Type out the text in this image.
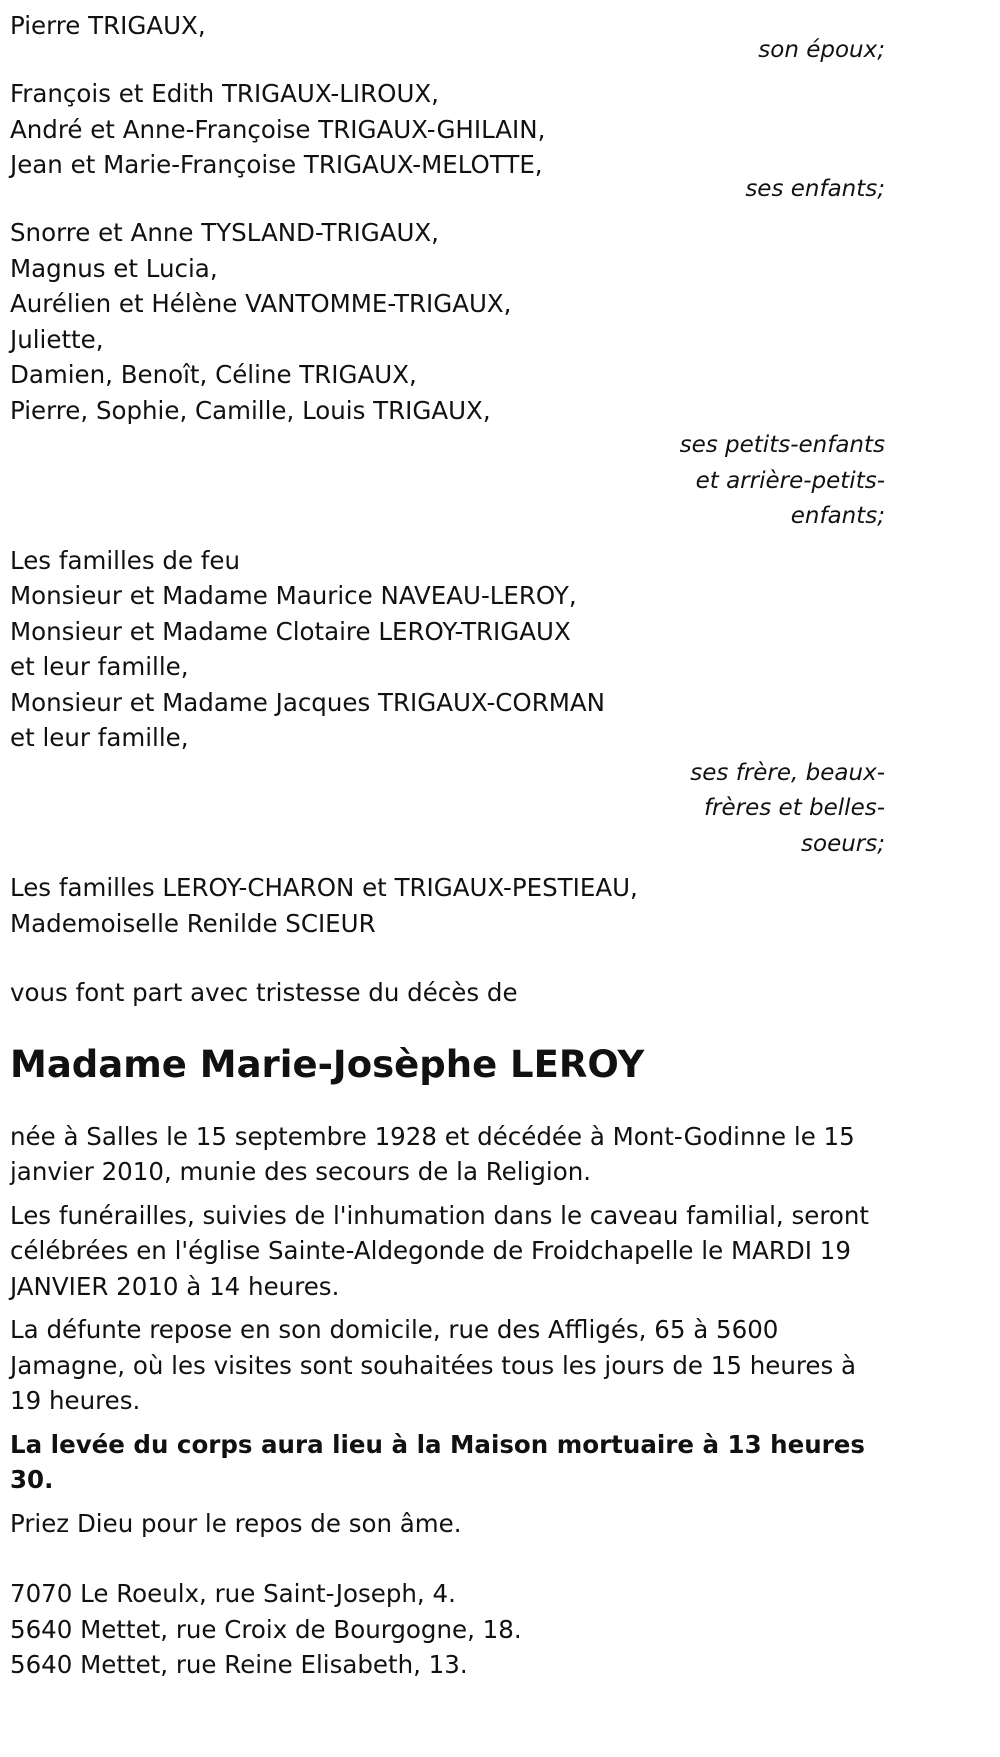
Pierre TRIGAUX,
son époux;
François et Edith TRIGAUX-LIROUX,
André et Anne-Françoise TRIGAUX-GHILAIN,
Jean et Marie-Françoise TRIGAUX-MELOTTE,
ses enfants;
Snorre et Anne TYSLAND-TRIGAUX,
Magnus et Lucia,
Aurélien et Hélène VANTOMME-TRIGAUX,
Juliette,
Damien, Benoît, Céline TRIGAUX,
Pierre, Sophie, Camille, Louis TRIGAUX,
ses petits-enfants
et arrière-petits-
enfants;
Les familles de feu
Monsieur et Madame Maurice NAVEAU-LEROY,
Monsieur et Madame Clotaire LEROY-TRIGAUX
et leur famille,
Monsieur et Madame Jacques TRIGAUX-CORMAN
et leur famille,
ses frère, beaux-
frères et belles-
soeurs;
Les familles LEROY-CHARON et TRIGAUX-PESTIEAU,
Mademoiselle Renilde SCIEUR
vous font part avec tristesse du décès de
Madame Marie-Josèphe LEROY
née à Salles le 15 septembre 1928 et décédée à Mont-Godinne le 15 janvier 2010, munie des secours de la Religion.
Les funérailles, suivies de l'inhumation dans le caveau familial, seront célébrées en l'église Sainte-Aldegonde de Froidchapelle le MARDI 19 JANVIER 2010 à 14 heures.
La défunte repose en son domicile, rue des Affligés, 65 à 5600 Jamagne, où les visites sont souhaitées tous les jours de 15 heures à 19 heures.
La levée du corps aura lieu à la Maison mortuaire à 13 heures 30.
Priez Dieu pour le repos de son âme.
7070 Le Roeulx, rue Saint-Joseph, 4.
5640 Mettet, rue Croix de Bourgogne, 18.
5640 Mettet, rue Reine Elisabeth, 13.
